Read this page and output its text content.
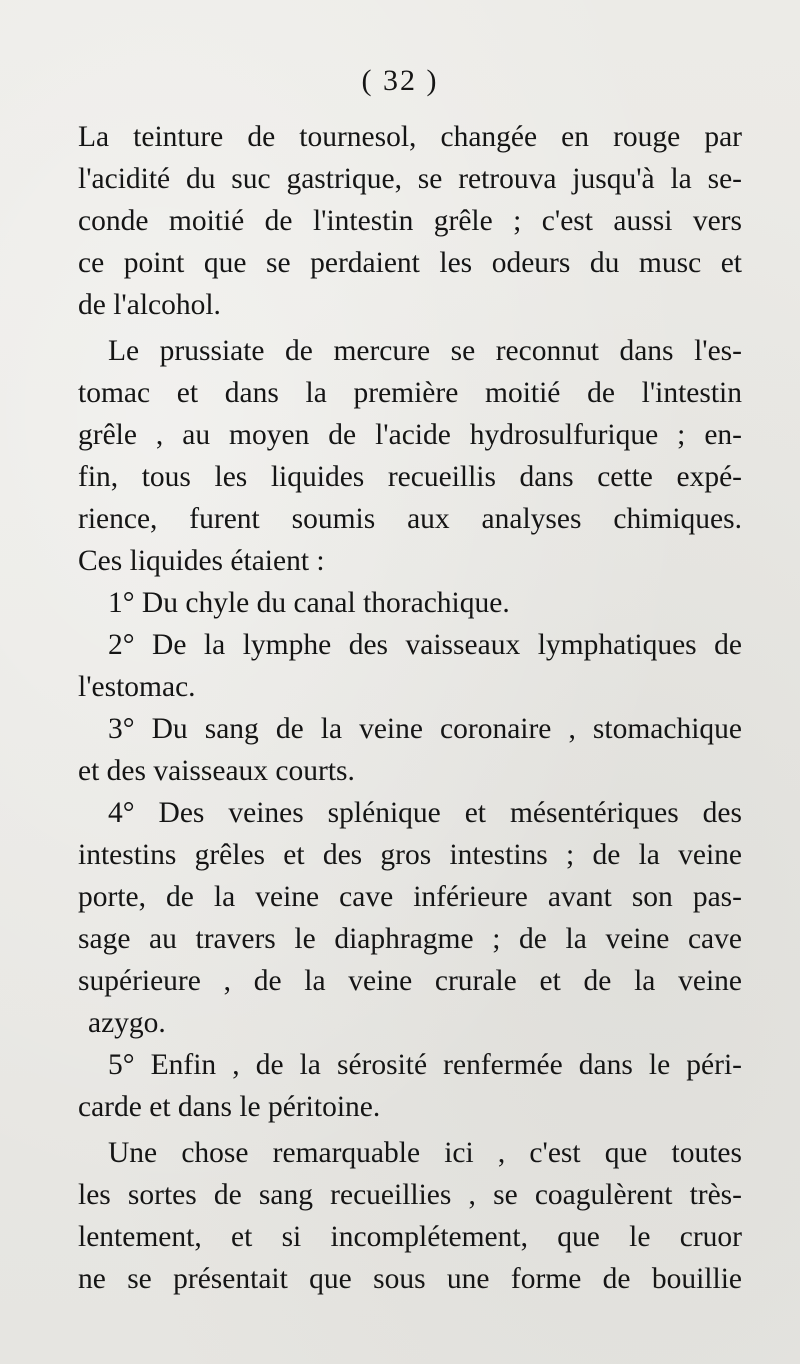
( 32 )
La teinture de tournesol, changée en rouge par
l'acidité du suc gastrique, se retrouva jusqu'à la se-
conde moitié de l'intestin grêle ; c'est aussi vers
ce point que se perdaient les odeurs du musc et
de l'alcohol.
Le prussiate de mercure se reconnut dans l'es-
tomac et dans la première moitié de l'intestin
grêle , au moyen de l'acide hydrosulfurique ; en-
fin, tous les liquides recueillis dans cette expé-
rience, furent soumis aux analyses chimiques.
Ces liquides étaient :
1° Du chyle du canal thorachique.
2° De la lymphe des vaisseaux lymphatiques de
l'estomac.
3° Du sang de la veine coronaire , stomachique
et des vaisseaux courts.
4° Des veines splénique et mésentériques des
intestins grêles et des gros intestins ; de la veine
porte, de la veine cave inférieure avant son pas-
sage au travers le diaphragme ; de la veine cave
supérieure , de la veine crurale et de la veine
azygo.
5° Enfin , de la sérosité renfermée dans le péri-
carde et dans le péritoine.
Une chose remarquable ici , c'est que toutes
les sortes de sang recueillies , se coagulèrent très-
lentement, et si incomplétement, que le cruor
ne se présentait que sous une forme de bouillie
